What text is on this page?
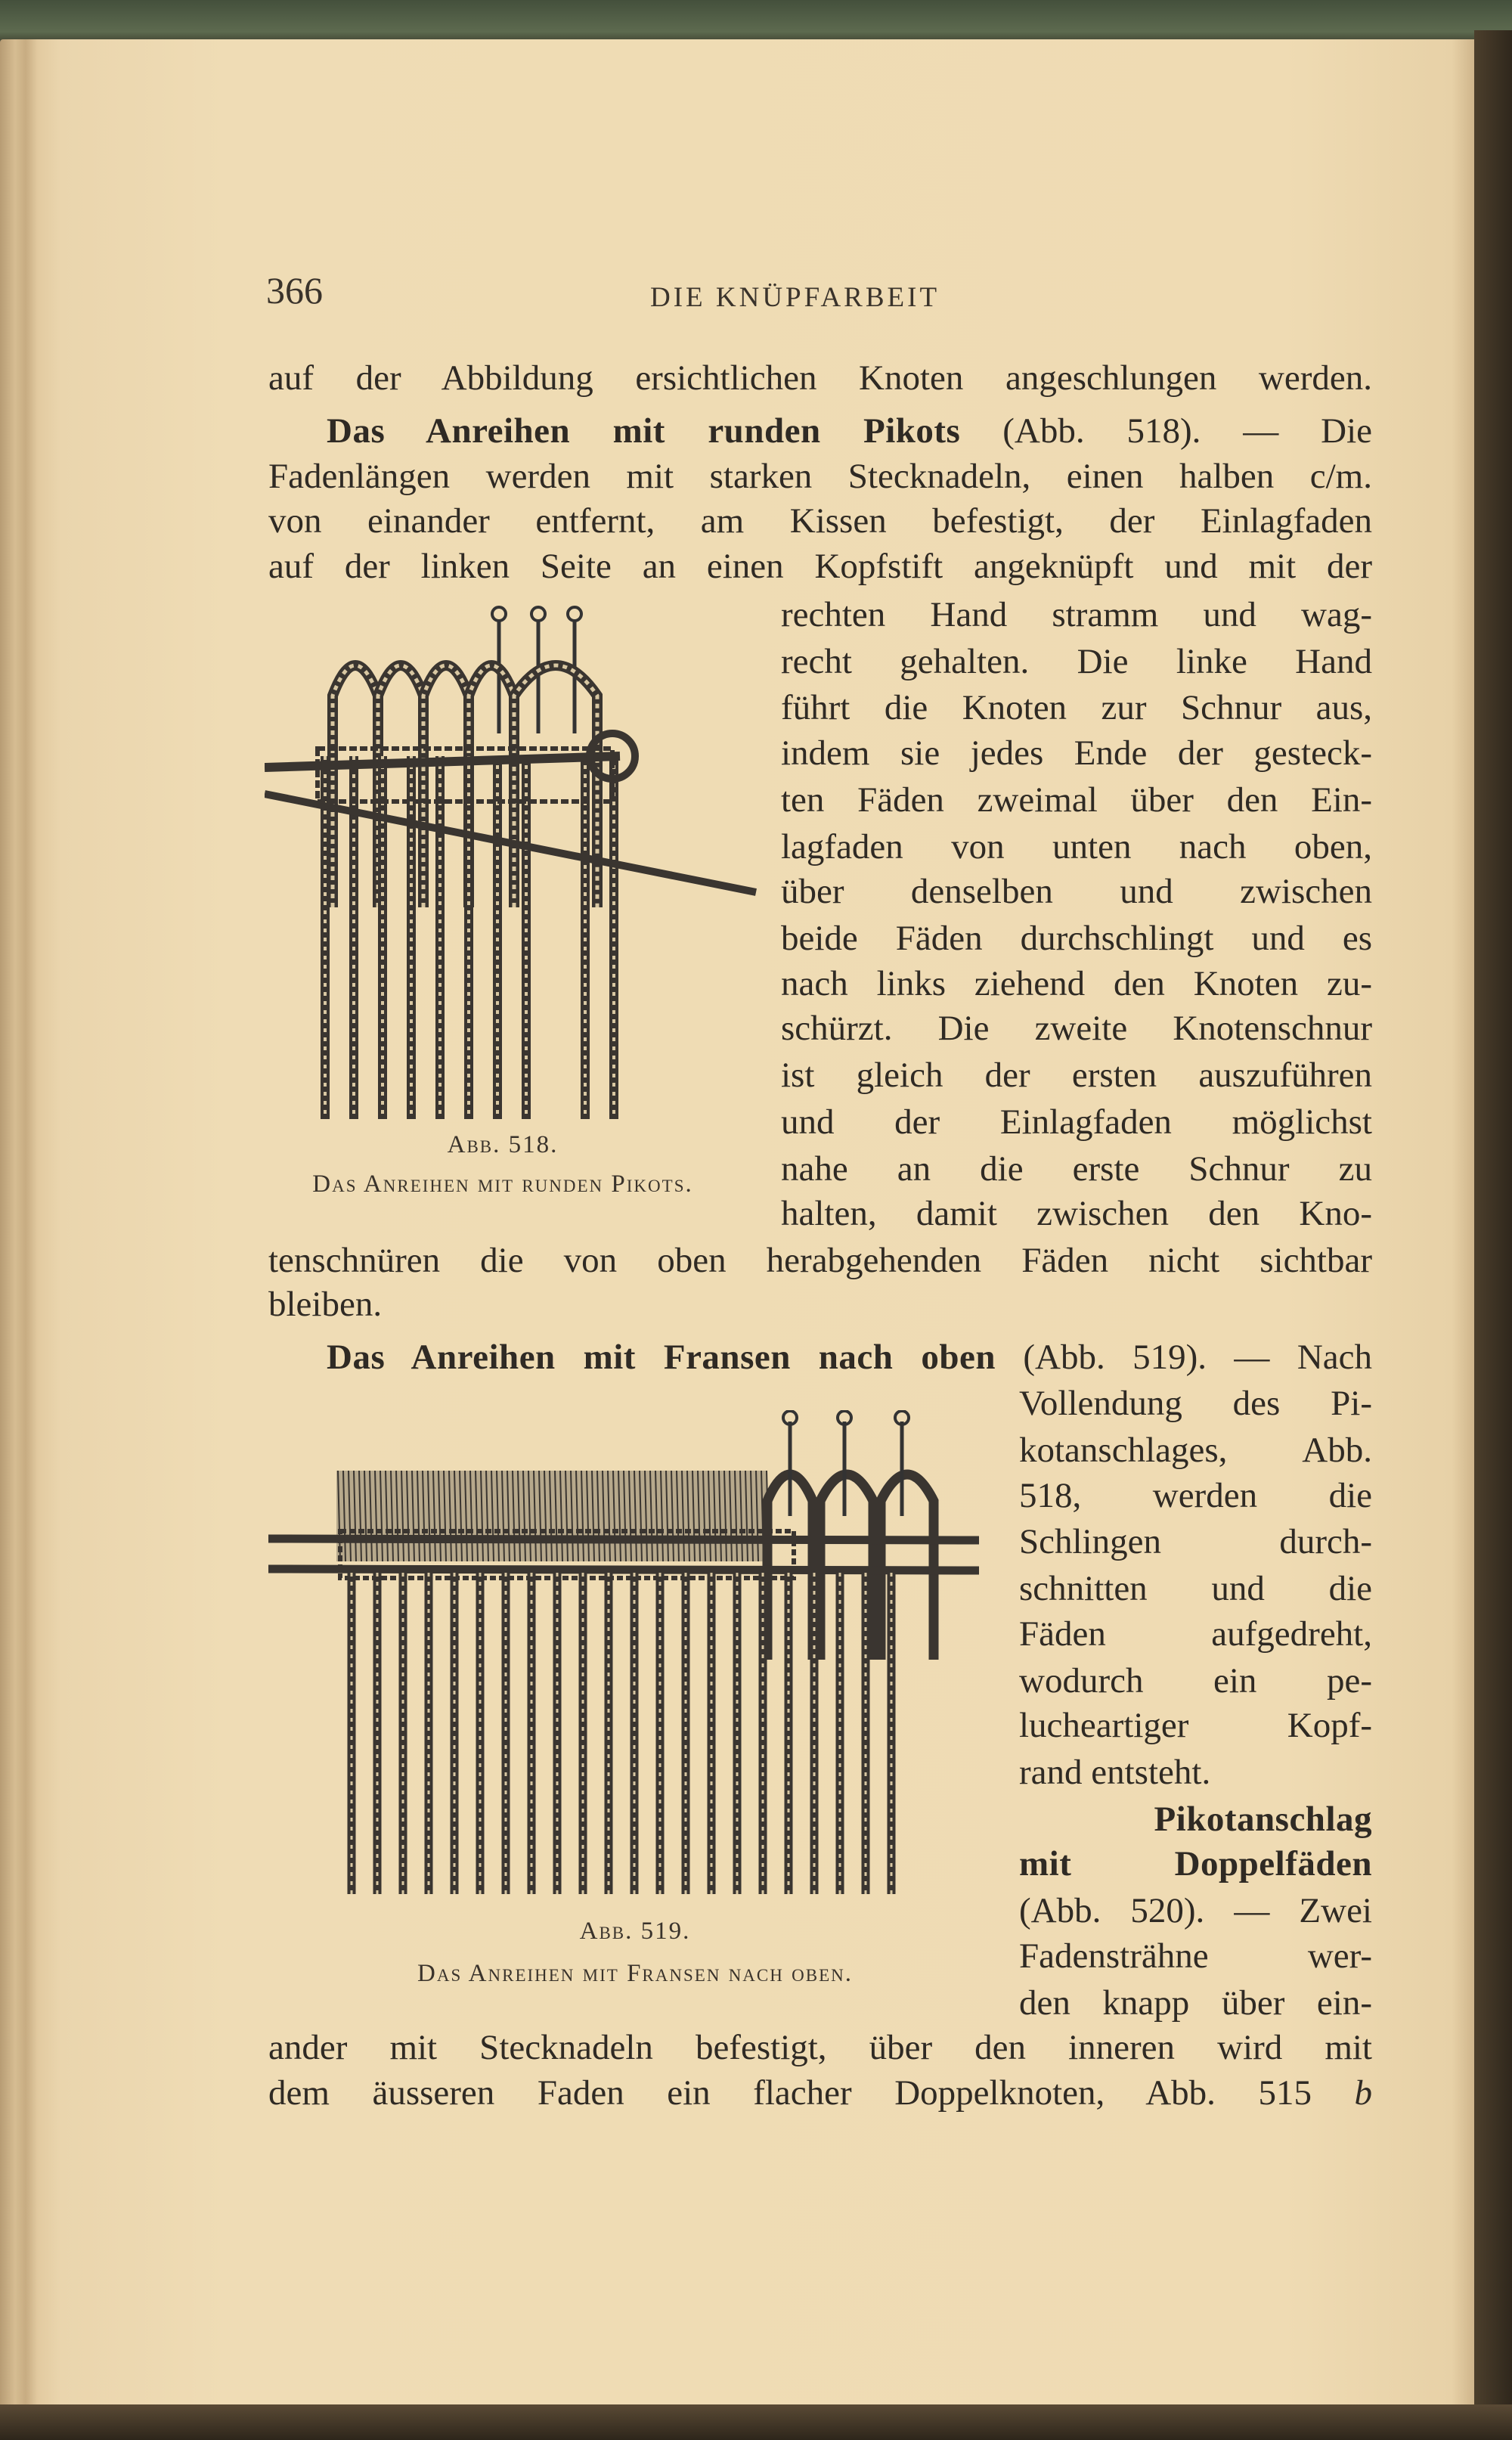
366	DIE KNÜPFARBEIT
auf der Abbildung ersichtlichen Knoten angeschlungen werden.
Das Anreihen mit runden Pikots (Abb. 518). — Die
Fadenlängen werden mit starken Stecknadeln, einen halben c/m.
von einander entfernt, am Kissen befestigt, der Einlagfaden
auf der linken Seite an einen Kopfstift angeknüpft und mit der
rechten Hand stramm und wag-
recht gehalten. Die linke Hand
führt die Knoten zur Schnur aus,
indem sie jedes Ende der gesteck-
ten Fäden zweimal über den Ein-
lagfaden von unten nach oben,
über denselben und zwischen
beide Fäden durchschlingt und es
nach links ziehend den Knoten zu-
schürzt. Die zweite Knotenschnur
ist gleich der ersten auszuführen
und der Einlagfaden möglichst
nahe an die erste Schnur zu
halten, damit zwischen den Kno-
tenschnüren die von oben herabgehenden Fäden nicht sichtbar
bleiben.
Das Anreihen mit Fransen nach oben (Abb. 519). — Nach
Vollendung des Pi-
kotanschlages, Abb.
518, werden die
Schlingen durch-
schnitten und die
Fäden aufgedreht,
wodurch ein pe-
lucheartiger Kopf-
rand entsteht.
Pikotanschlag
mit Doppelfäden
(Abb. 520). — Zwei
Fadensträhne wer-
den knapp über ein-
ander mit Stecknadeln befestigt, über den inneren wird mit
dem äusseren Faden ein flacher Doppelknoten, Abb. 515 b
Abb. 518.
Das Anreihen mit runden Pikots.
Abb. 519.
Das Anreihen mit Fransen nach oben.
